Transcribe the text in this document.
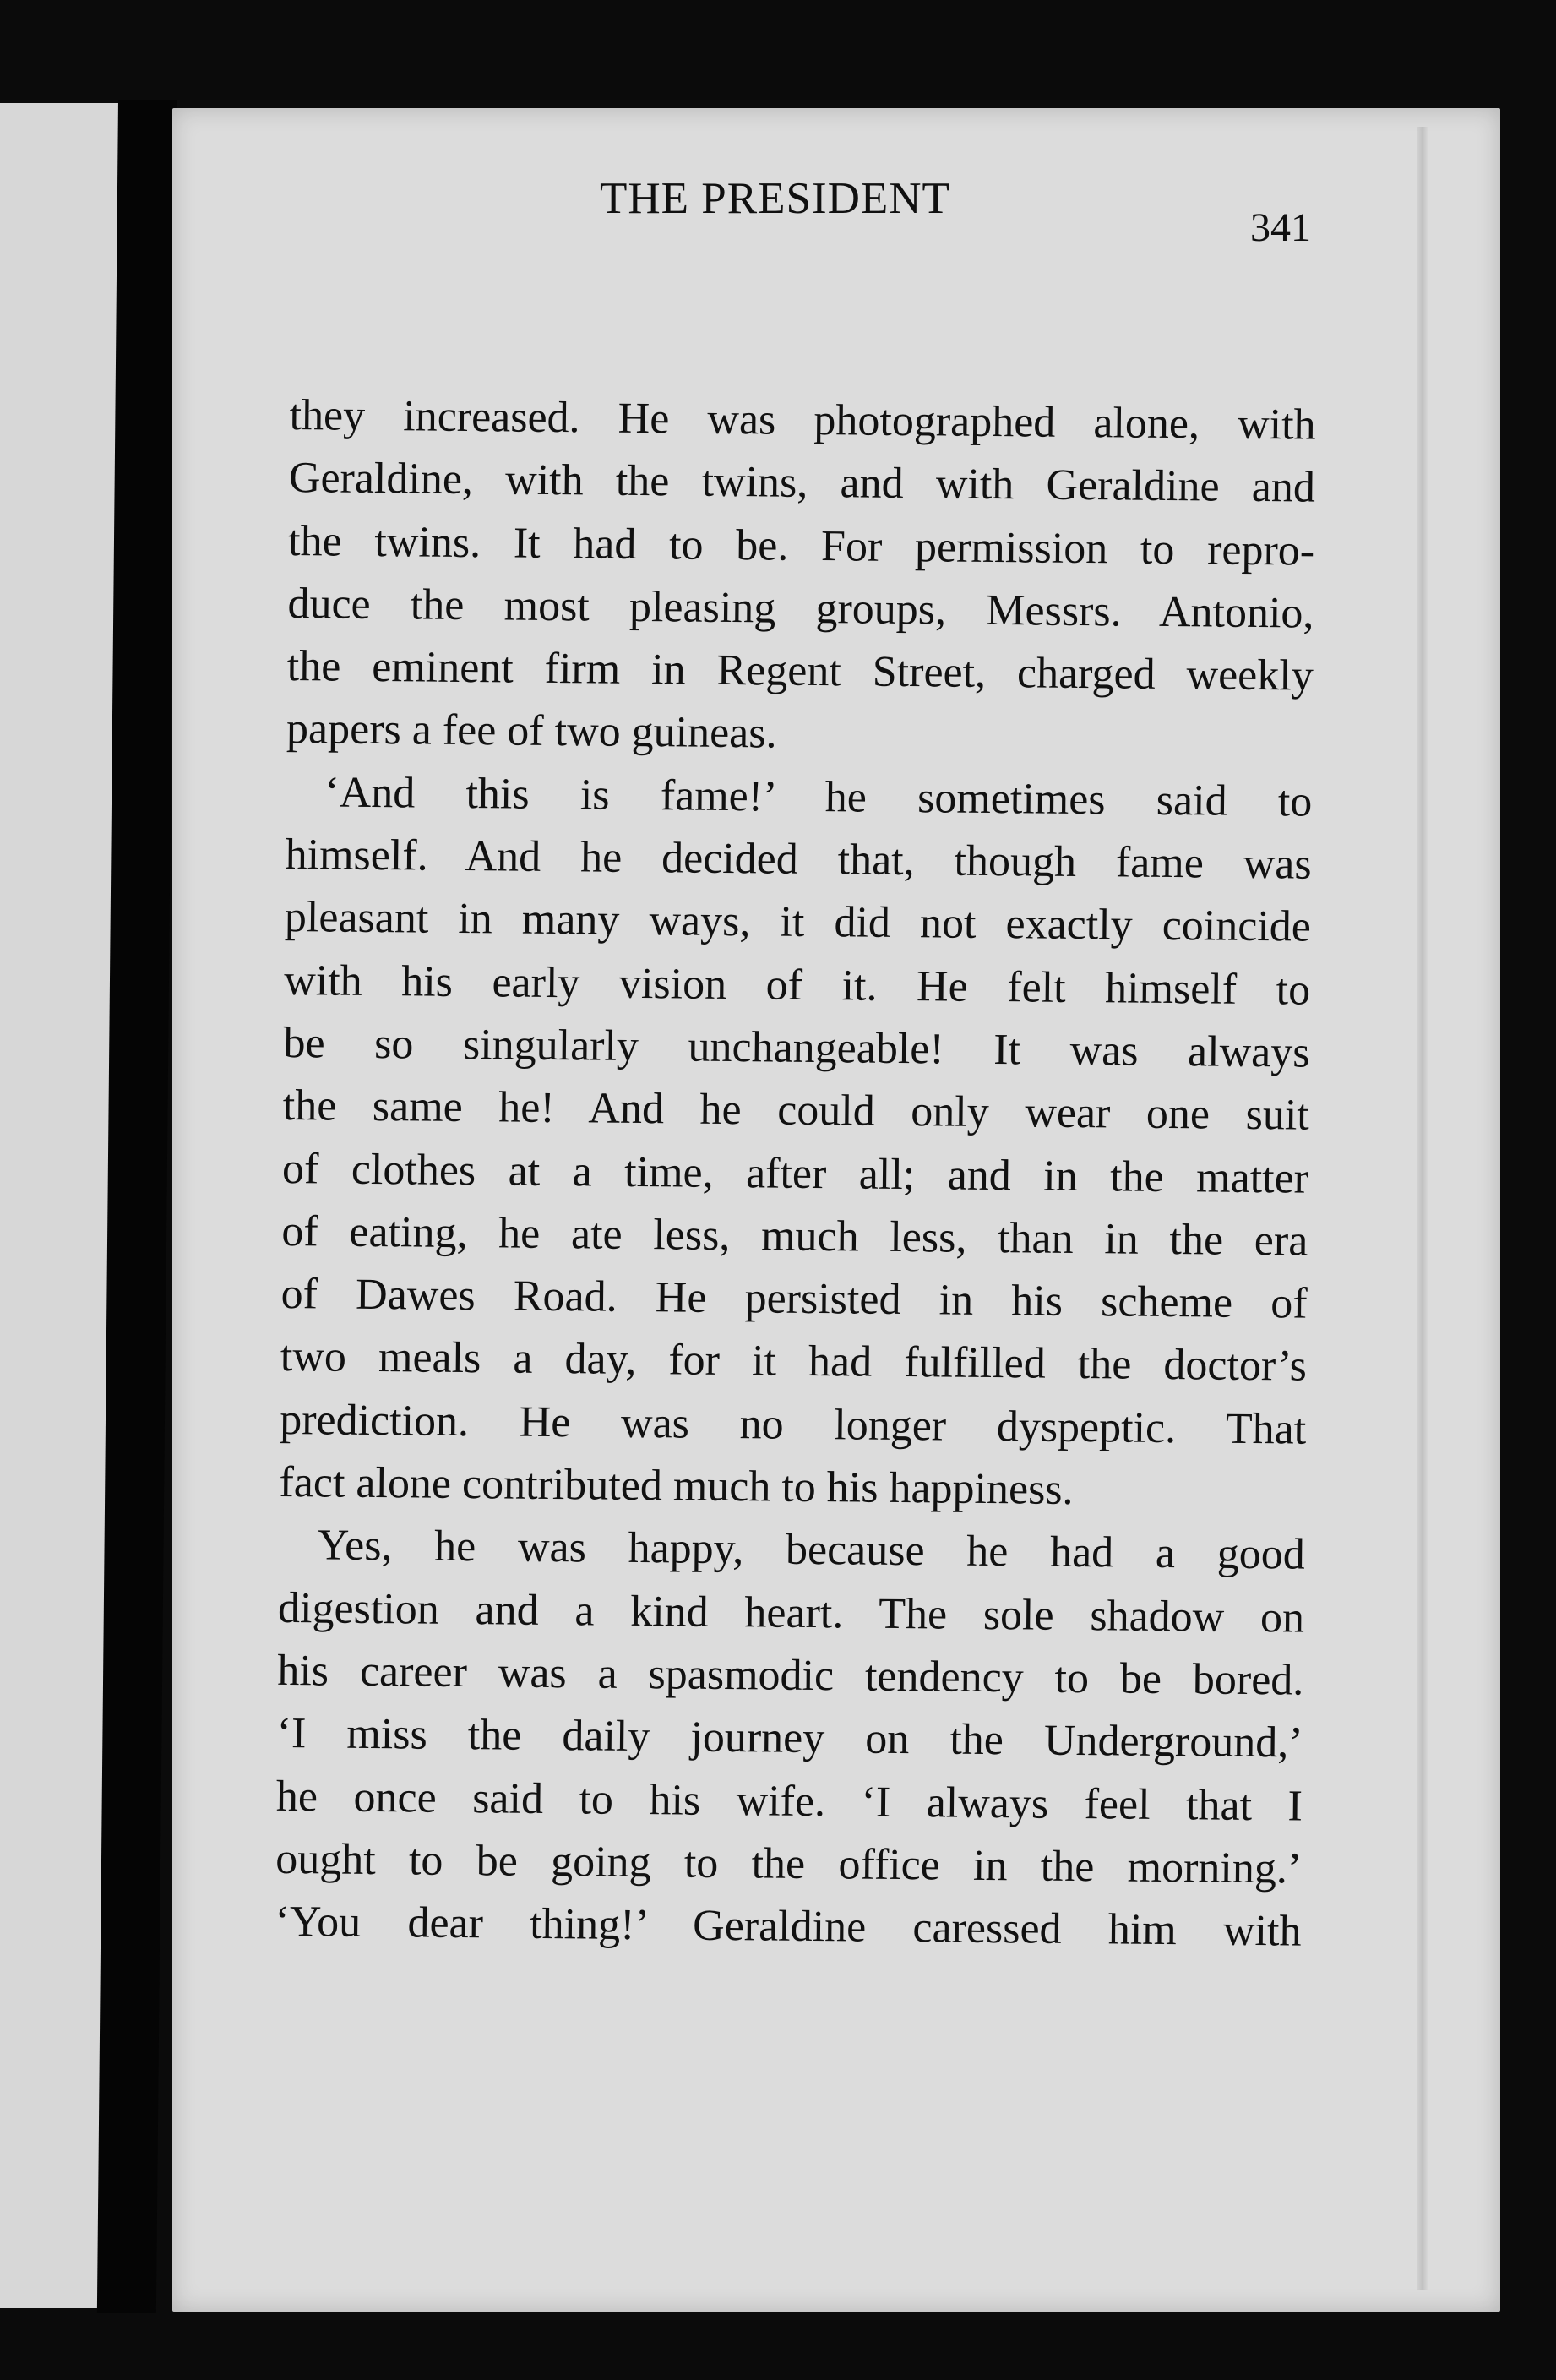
THE PRESIDENT
341
they increased. He was photographed alone, with
Geraldine, with the twins, and with Geraldine and
the twins. It had to be. For permission to repro-
duce the most pleasing groups, Messrs. Antonio,
the eminent firm in Regent Street, charged weekly
papers a fee of two guineas.
‘And this is fame!’ he sometimes said to
himself. And he decided that, though fame was
pleasant in many ways, it did not exactly coincide
with his early vision of it. He felt himself to
be so singularly unchangeable! It was always
the same he! And he could only wear one suit
of clothes at a time, after all; and in the matter
of eating, he ate less, much less, than in the era
of Dawes Road. He persisted in his scheme of
two meals a day, for it had fulfilled the doctor’s
prediction. He was no longer dyspeptic. That
fact alone contributed much to his happiness.
Yes, he was happy, because he had a good
digestion and a kind heart. The sole shadow on
his career was a spasmodic tendency to be bored.
‘I miss the daily journey on the Underground,’
he once said to his wife. ‘I always feel that I
ought to be going to the office in the morning.’
‘You dear thing!’ Geraldine caressed him with
